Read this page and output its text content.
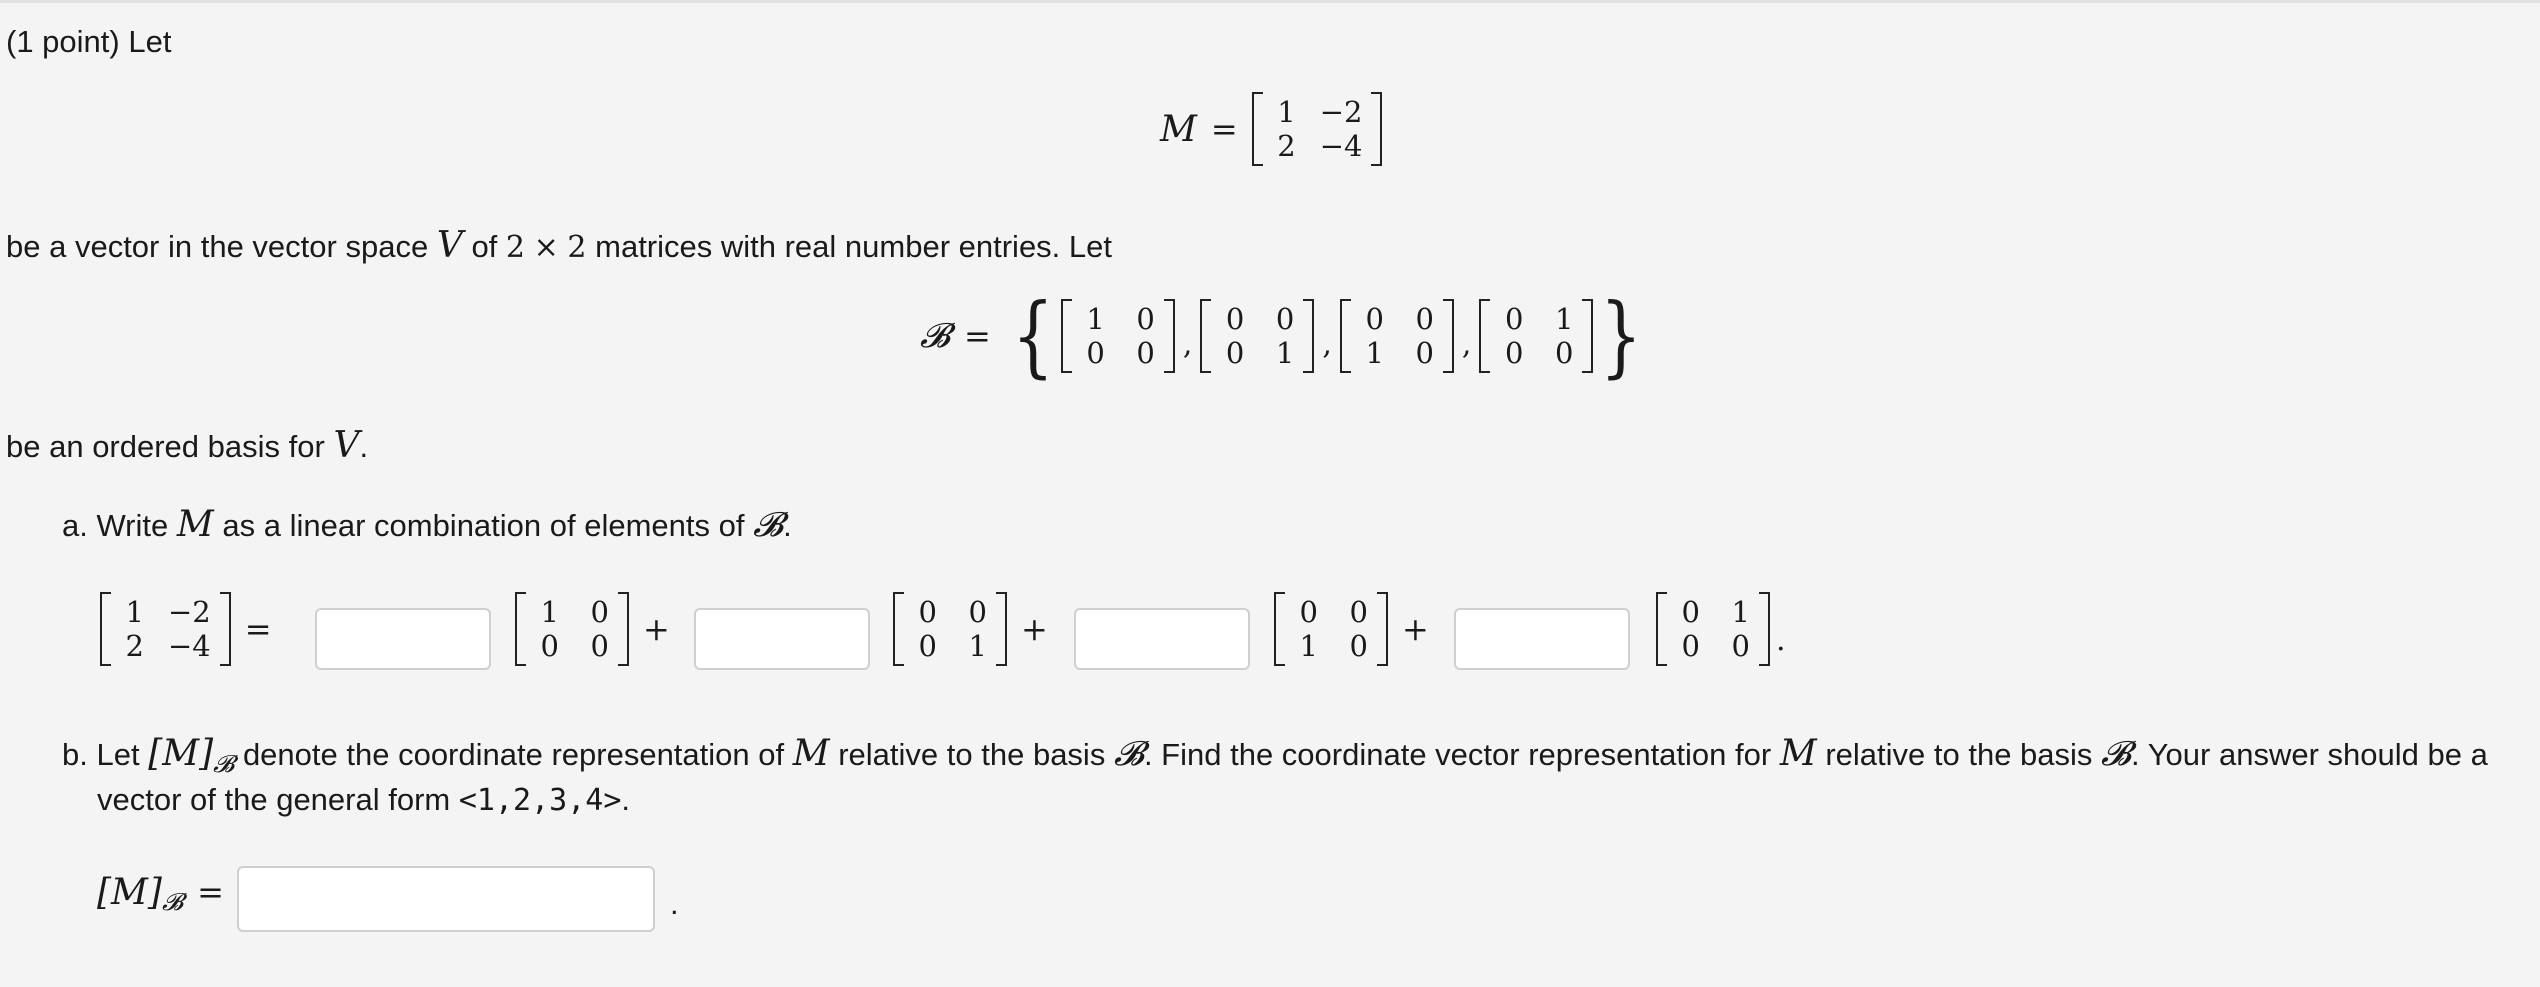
(1 point) Let
M = 1 −2
2 −4
be a vector in the vector space V of 2 × 2 matrices with real number entries. Let
𝓑 = { 1 0
0 0 ,
0 0
0 1 ,
0 0
1 0 ,
0 1
0 0 }
be an ordered basis for V.
a. Write M as a linear combination of elements of 𝓑.
1 −2
2 −4 =	1 0
0 0 +	0 0
0 1 +	0 0
1 0 +	0 1
0 0 .
b. Let $[M]_𝓑$ denote the coordinate representation of M relative to the basis 𝓑. Find the coordinate vector representation for M relative to the basis 𝓑. Your answer should be a
vector of the general form <1,2,3,4>.
[M] 𝓑 =	.
